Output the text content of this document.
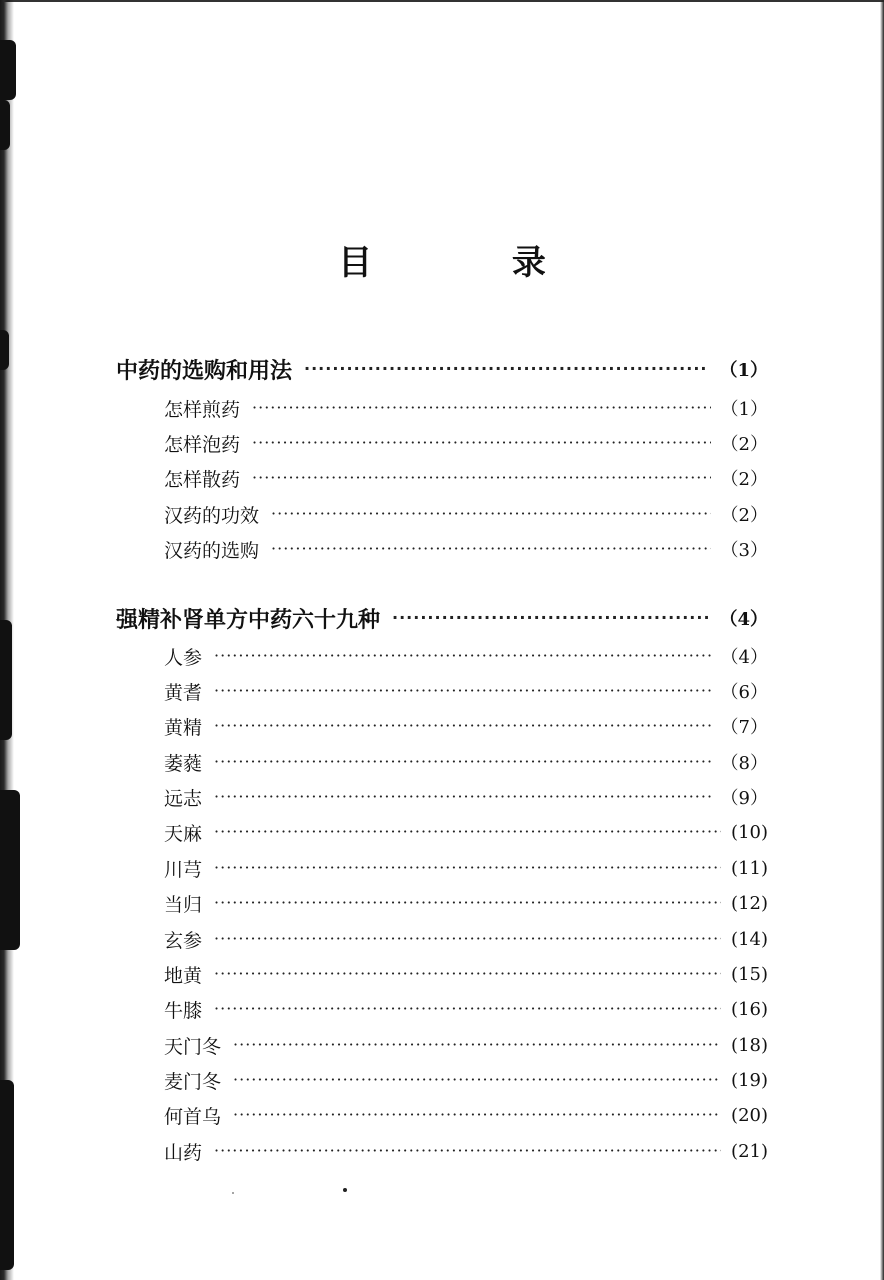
目 录
中药的选购和用法 ·····	（1）
怎样煎药 ·····	（1）
怎样泡药 ·····	（2）
怎样散药 ·····	（2）
汉药的功效 ·····	（2）
汉药的选购 ·····	（3）
强精补肾单方中药六十九种 ·····	（4）
人参 ·····	（4）
黄耆 ·····	（6）
黄精 ·····	（7）
萎蕤 ·····	（8）
远志 ·····	（9）
天麻 ·····	(10)
川芎 ·····	(11)
当归 ·····	(12)
玄参 ·····	(14)
地黄 ·····	(15)
牛膝 ·····	(16)
天门冬 ·····	(18)
麦门冬 ·····	(19)
何首乌 ·····	(20)
山药 ·····	(21)
